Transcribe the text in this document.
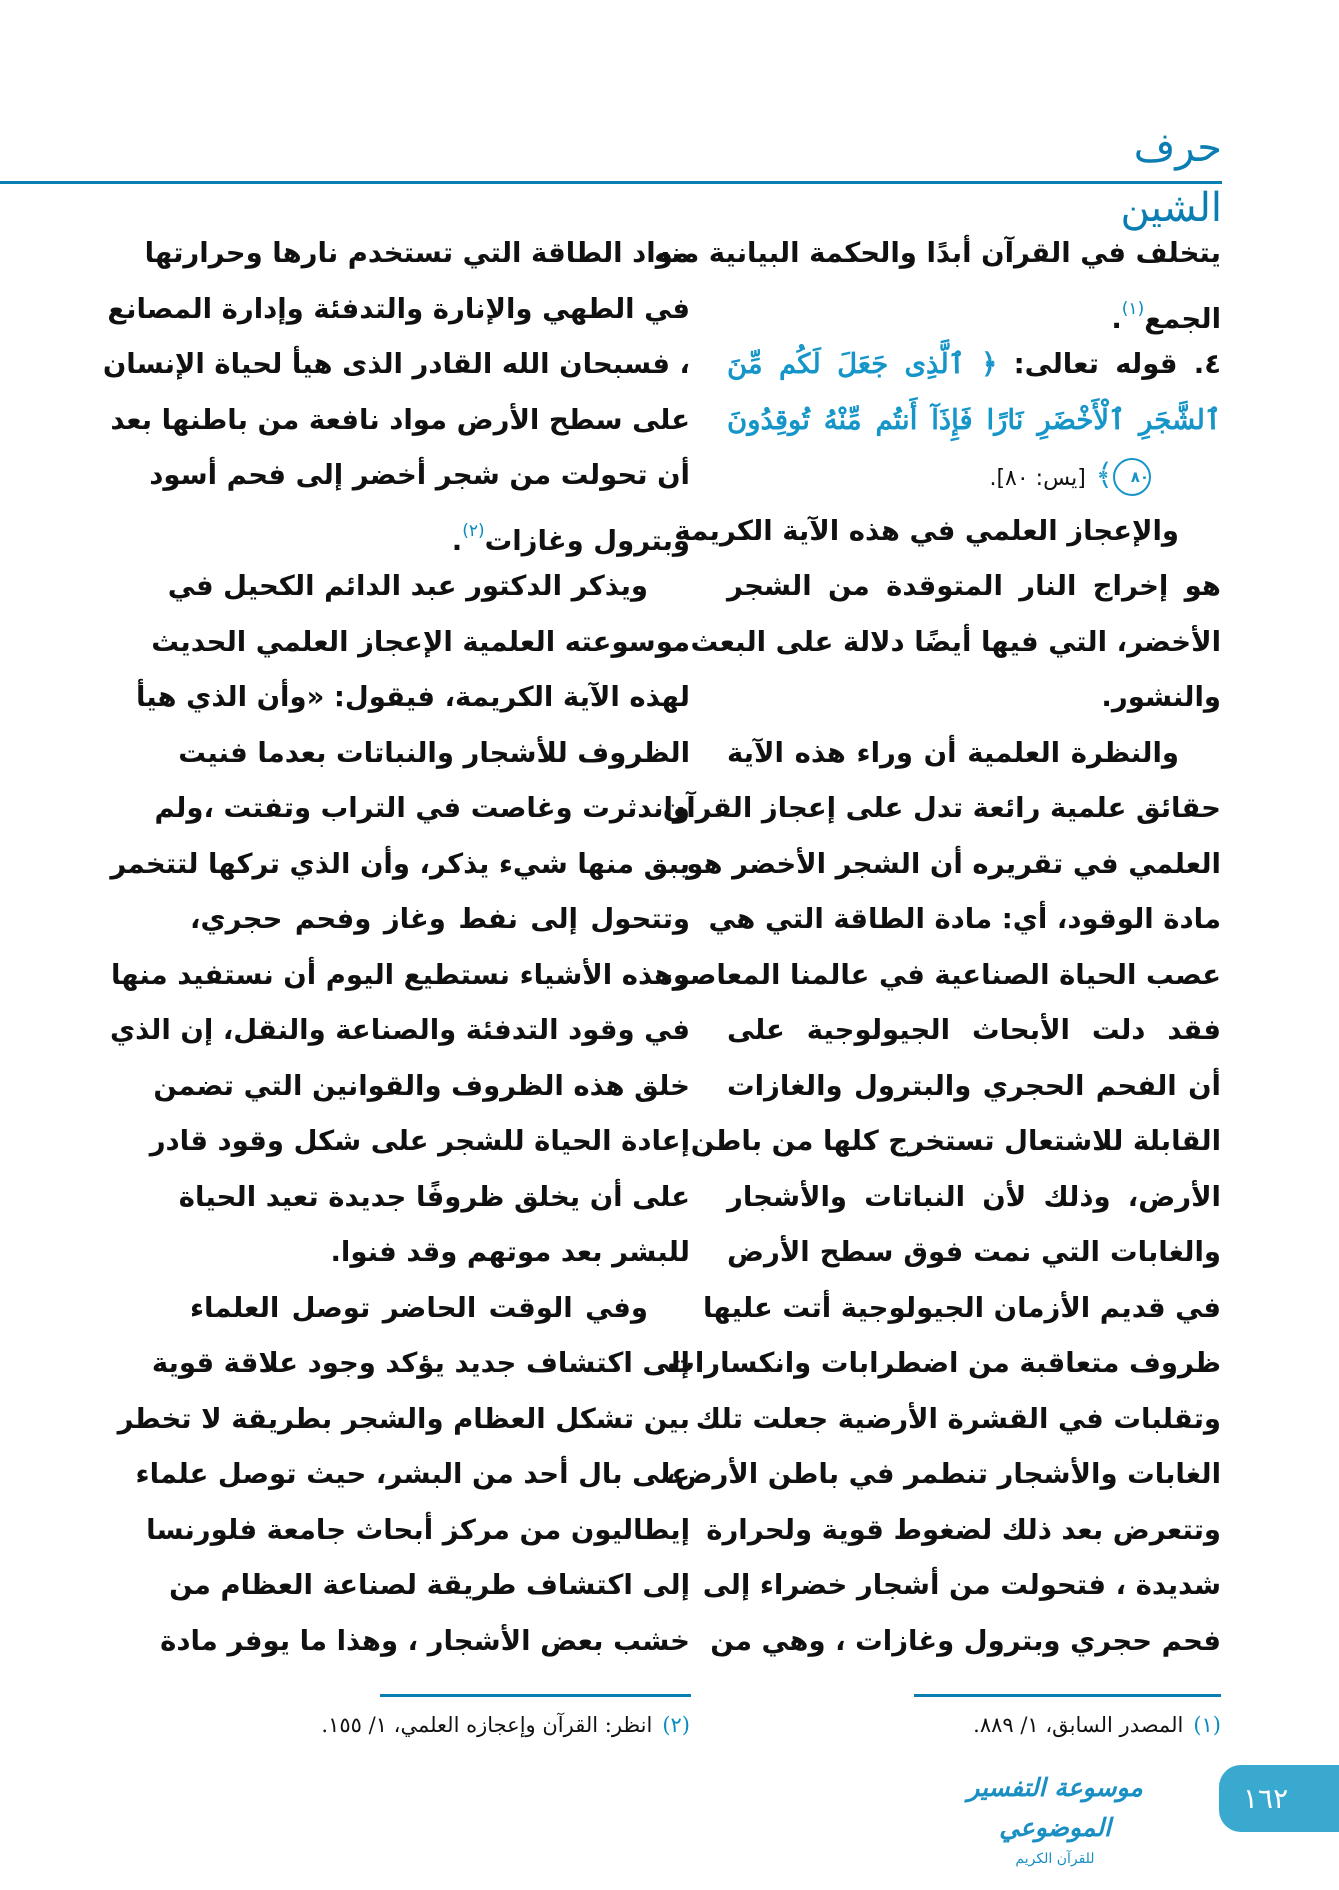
حرف الشين
يتخلف في القرآن أبدًا والحكمة البيانية منه
الجمع$^{(١)}$.
٤. قوله تعالى: ﴿ ٱلَّذِى جَعَلَ لَكُم مِّنَ
ٱلشَّجَرِ ٱلْأَخْضَرِ نَارًا فَإِذَآ أَنتُم مِّنْهُ تُوقِدُونَ
٨٠﴾ [يس: ٨٠].
والإعجاز العلمي في هذه الآية الكريمة
هو إخراج النار المتوقدة من الشجر
الأخضر، التي فيها أيضًا دلالة على البعث
والنشور.
والنظرة العلمية أن وراء هذه الآية
حقائق علمية رائعة تدل على إعجاز القرآن
العلمي في تقريره أن الشجر الأخضر هو
مادة الوقود، أي: مادة الطاقة التي هي
عصب الحياة الصناعية في عالمنا المعاصر،
فقد دلت الأبحاث الجيولوجية على
أن الفحم الحجري والبترول والغازات
القابلة للاشتعال تستخرج كلها من باطن
الأرض، وذلك لأن النباتات والأشجار
والغابات التي نمت فوق سطح الأرض
في قديم الأزمان الجيولوجية أتت عليها
ظروف متعاقبة من اضطرابات وانكسارات
وتقلبات في القشرة الأرضية جعلت تلك
الغابات والأشجار تنطمر في باطن الأرض،
وتتعرض بعد ذلك لضغوط قوية ولحرارة
شديدة ، فتحولت من أشجار خضراء إلى
فحم حجري وبترول وغازات ، وهي من
مواد الطاقة التي تستخدم نارها وحرارتها
في الطهي والإنارة والتدفئة وإدارة المصانع
، فسبحان الله القادر الذى هيأ لحياة الإنسان
على سطح الأرض مواد نافعة من باطنها بعد
أن تحولت من شجر أخضر إلى فحم أسود
وبترول وغازات$^{(٢)}$.
ويذكر الدكتور عبد الدائم الكحيل في
موسوعته العلمية الإعجاز العلمي الحديث
لهذه الآية الكريمة، فيقول: «وأن الذي هيأ
الظروف للأشجار والنباتات بعدما فنيت
واندثرت وغاصت في التراب وتفتت ،ولم
يبق منها شيء يذكر، وأن الذي تركها لتتخمر
وتتحول إلى نفط وغاز وفحم حجري،
وهذه الأشياء نستطيع اليوم أن نستفيد منها
في وقود التدفئة والصناعة والنقل، إن الذي
خلق هذه الظروف والقوانين التي تضمن
إعادة الحياة للشجر على شكل وقود قادر
على أن يخلق ظروفًا جديدة تعيد الحياة
للبشر بعد موتهم وقد فنوا.
وفي الوقت الحاضر توصل العلماء
إلى اكتشاف جديد يؤكد وجود علاقة قوية
بين تشكل العظام والشجر بطريقة لا تخطر
على بال أحد من البشر، حيث توصل علماء
إيطاليون من مركز أبحاث جامعة فلورنسا
إلى اكتشاف طريقة لصناعة العظام من
خشب بعض الأشجار ، وهذا ما يوفر مادة
(١)المصدر السابق، ١/ ٨٨٩.
(٢)انظر: القرآن وإعجازه العلمي، ١/ ١٥٥.
موسوعة التفسير الموضوعي
للقرآن الكريم
١٦٢
